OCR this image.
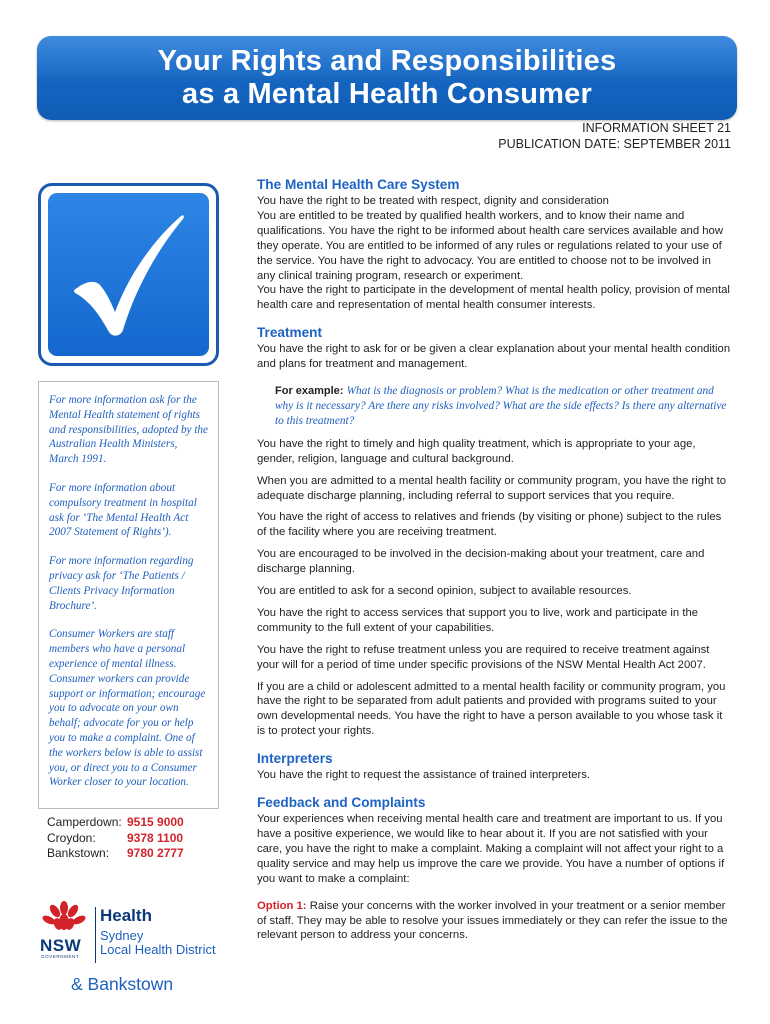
Your Rights and Responsibilities
as a Mental Health Consumer
INFORMATION SHEET 21
PUBLICATION DATE: SEPTEMBER 2011

For more information ask for the Mental Health statement of rights and responsibilities, adopted by the Australian Health Ministers, March 1991.

For more information about compulsory treatment in hospital ask for ‘The Mental Health Act 2007 Statement of Rights’).

For more information regarding privacy ask for ‘The Patients / Clients Privacy Information Brochure’.

Consumer Workers are staff members who have a personal experience of mental illness. Consumer workers can provide support or information; encourage you to advocate on your own behalf; advocate for you or help you to make a complaint. One of the workers below is able to assist you, or direct you to a Consumer Worker closer to your location.

Camperdown: 9515 9000
Croydon:	9378 1100
Bankstown:	9780 2777
NSW
GOVERNMENT
Health
Sydney
Local Health District
& Bankstown
The Mental Health Care System
You have the right to be treated with respect, dignity and consideration
You are entitled to be treated by qualified health workers, and to know their name and qualifications. You have the right to be informed about health care services available and how they operate. You are entitled to be informed of any rules or regulations related to your use of the service. You have the right to advocacy. You are entitled to choose not to be involved in any clinical training program, research or experiment.
You have the right to participate in the development of mental health policy, provision of mental health care and representation of mental health consumer interests.
Treatment

You have the right to ask for or be given a clear explanation about your mental health condition and plans for treatment and management.

For example: What is the diagnosis or problem? What is the medication or other treatment and why is it necessary? Are there any risks involved? What are the side effects? Is there any alternative to this treatment?

You have the right to timely and high quality treatment, which is appropriate to your age, gender, religion, language and cultural background.

When you are admitted to a mental health facility or community program, you have the right to adequate discharge planning, including referral to support services that you require.

You have the right of access to relatives and friends (by visiting or phone) subject to the rules of the facility where you are receiving treatment.

You are encouraged to be involved in the decision-making about your treatment, care and discharge planning.

You are entitled to ask for a second opinion, subject to available resources.

You have the right to access services that support you to live, work and participate in the community to the full extent of your capabilities.

You have the right to refuse treatment unless you are required to receive treatment against your will for a period of time under specific provisions of the NSW Mental Health Act 2007.

If you are a child or adolescent admitted to a mental health facility or community program, you have the right to be separated from adult patients and provided with programs suited to your own developmental needs. You have the right to have a person available to you whose task it is to protect your rights.

Interpreters

You have the right to request the assistance of trained interpreters.

Feedback and Complaints

Your experiences when receiving mental health care and treatment are important to us. If you have a positive experience, we would like to hear about it. If you are not satisfied with your care, you have the right to make a complaint. Making a complaint will not affect your right to a quality service and may help us improve the care we provide. You have a number of options if you want to make a complaint:

Option 1: Raise your concerns with the worker involved in your treatment or a senior member of staff. They may be able to resolve your issues immediately or they can refer the issue to the relevant person to address your concerns.
